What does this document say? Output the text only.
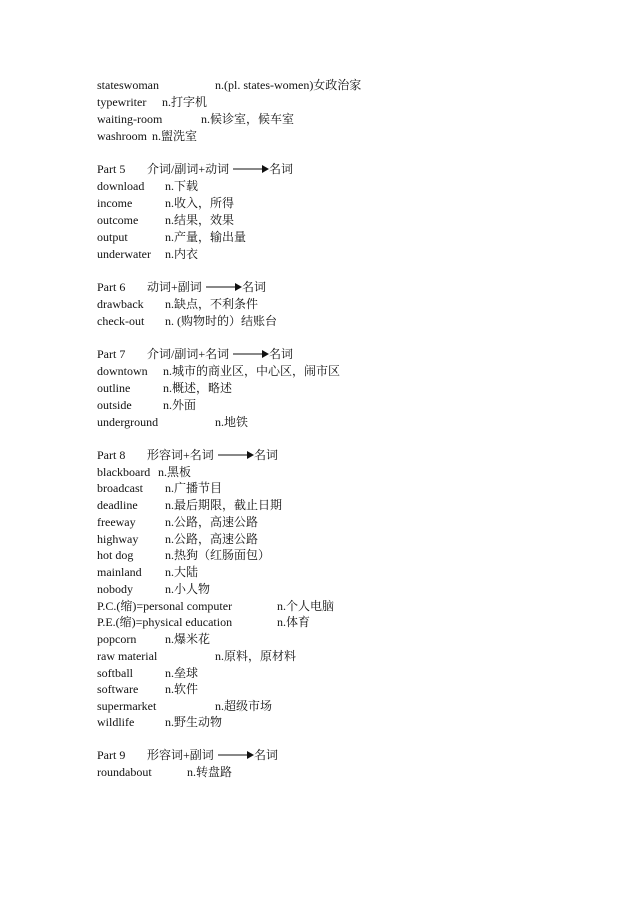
stateswoman	n.(pl. states-women)女政治家
typewriter n.打字机
waiting-room	n.候诊室，候车室
washroom n.盥洗室
Part 5 介词/副词+动词	名词
download n.下载
income	n.收入，所得
outcome n.结果，效果
output	n.产量，输出量
underwater n.内衣
Part 6 动词+副词	名词
drawback n.缺点，不利条件
check-out n. (购物时的）结账台
Part 7 介词/副词+名词	名词
downtown n.城市的商业区，中心区，闹市区
outline	n.概述，略述
outside	n.外面
underground	n.地铁
Part 8 形容词+名词	名词
blackboard n.黑板
broadcast n.广播节目
deadline n.最后期限，截止日期
freeway n.公路，高速公路
highway n.公路，高速公路
hot dog	n.热狗（红肠面包）
mainland n.大陆
nobody	n.小人物
P.C.(缩)=personal computer	n.个人电脑
P.E.(缩)=physical education	n.体育
popcorn n.爆米花
raw material	n.原料，原材料
softball	n.垒球
software n.软件
supermarket	n.超级市场
wildlife	n.野生动物
Part 9 形容词+副词	名词
roundabout	n.转盘路
